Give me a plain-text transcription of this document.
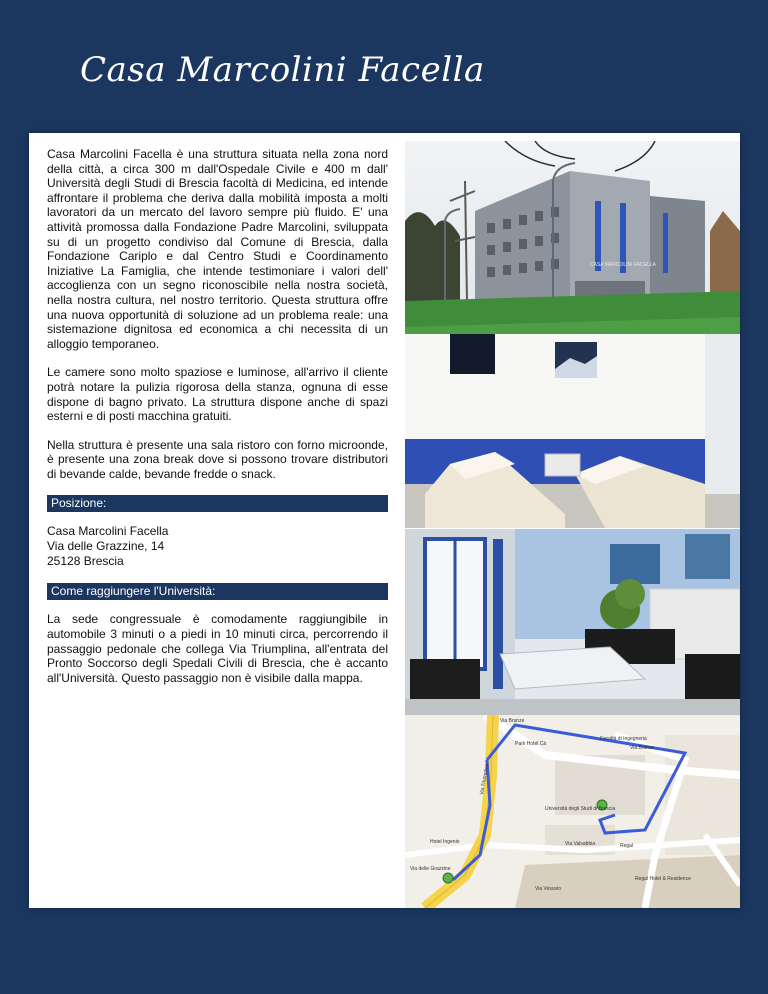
Casa Marcolini Facella

Casa Marcolini Facella è una struttura situata nella zona nord della città, a circa 300 m dall'Ospedale Civile e 400 m dall' Università degli Studi di Brescia facoltà di Medicina, ed intende affrontare il problema che deriva dalla mobilità imposta a molti lavoratori da un mercato del lavoro sempre più fluido. E' una attività promossa dalla Fondazione Padre Marcolini, sviluppata su di un progetto condiviso dal Comune di Brescia, dalla Fondazione Cariplo e dal Centro Studi e Coordinamento Iniziative La Famiglia, che intende testimoniare i valori dell' accoglienza con un segno riconoscibile nella nostra società, nella nostra cultura, nel nostro territorio. Questa struttura offre una nuova opportunità di soluzione ad un problema reale: una sistemazione dignitosa ed economica a chi necessita di un alloggio temporaneo.

Le camere sono molto spaziose e luminose, all'arrivo il cliente potrà notare la pulizia rigorosa della stanza, ognuna di esse dispone di bagno privato. La struttura dispone anche di spazi esterni e di posti macchina gratuiti.

Nella struttura è presente una sala ristoro con forno microonde, è presente una zona break dove si possono trovare distributori di bevande calde, bevande fredde o snack.

Posizione:
Casa Marcolini Facella
Via delle Grazzine, 14
25128 Brescia
Come raggiungere l'Università:

La sede congressuale è comodamente raggiungibile in automobile 3 minuti o a piedi in 10 minuti circa, percorrendo il passaggio pedonale che collega Via Triumplina, all'entrata del Pronto Soccorso degli Spedali Civili di Brescia, che è accanto all'Università. Questo passaggio non è visibile dalla mappa.

CASA MARCOLINI FACELLA
Via Branze
Park Hotel Cà
Facoltà di Ingegneria
Via Branze
Università degli Studi di Brescia
Via Triumplina
Hotel Ingenio	Via Valsabbia	Regal
Via delle Grazzine
Regal Hotel & Residence
Via Vesuvio
